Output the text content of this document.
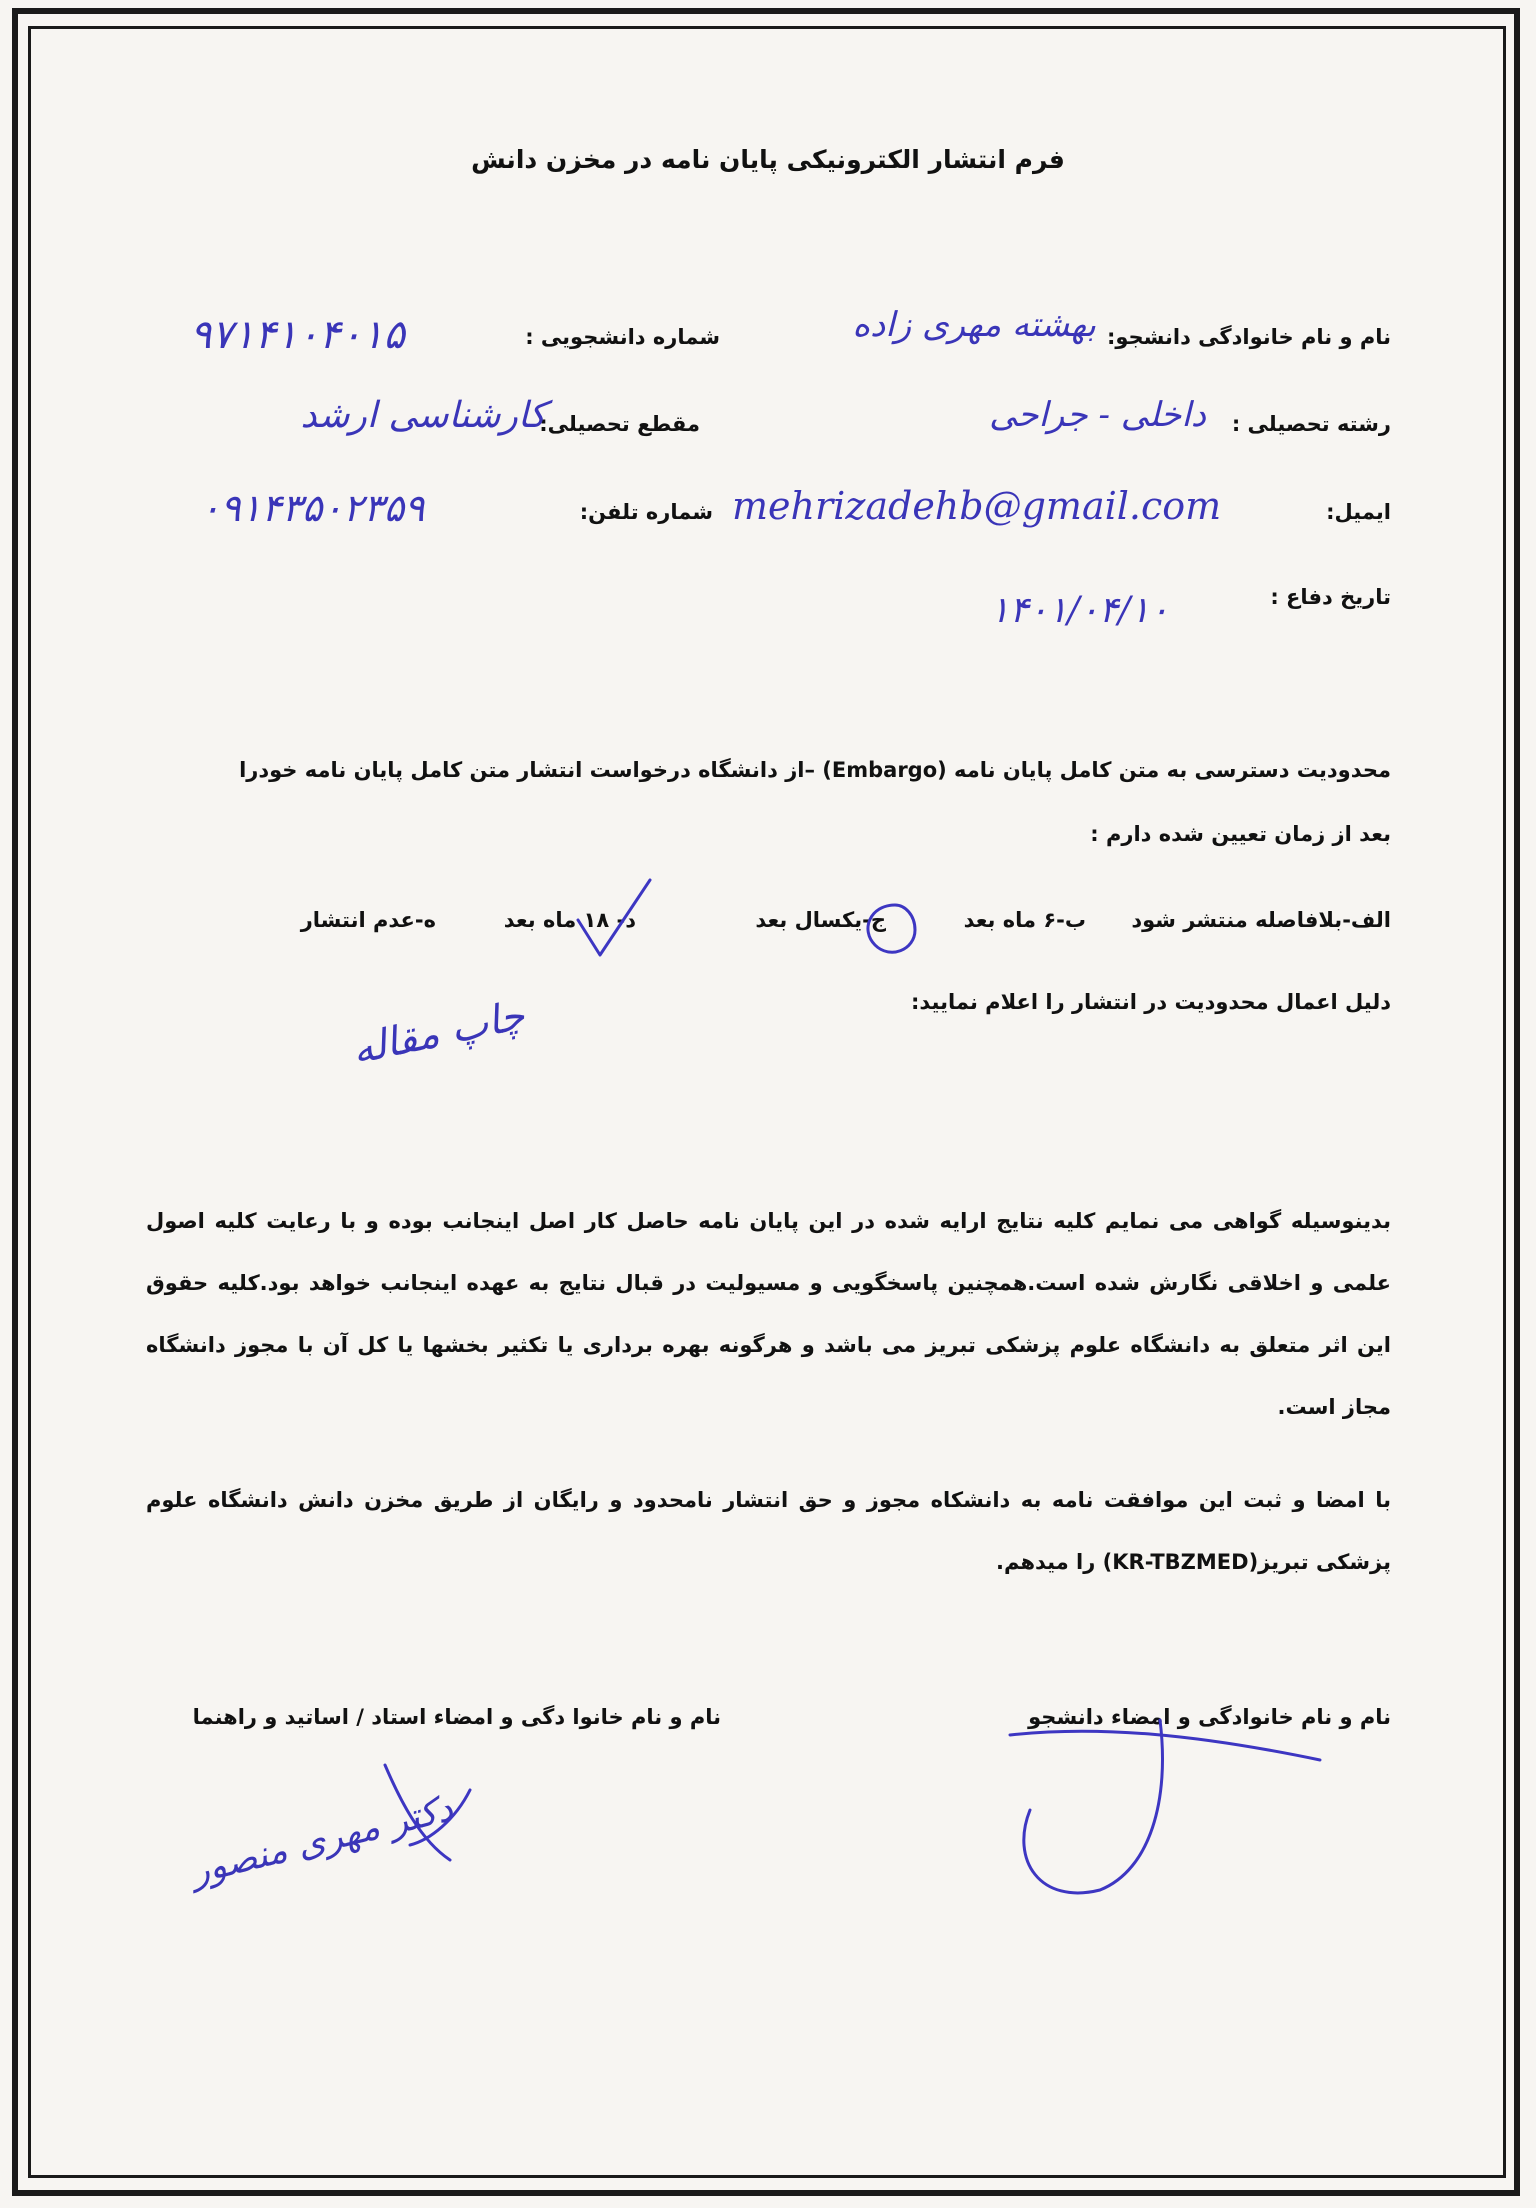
فرم انتشار الکترونیکی پایان نامه در مخزن دانش
نام و نام خانوادگی دانشجو:
بهشته مهری زاده
شماره دانشجویی :
۹۷۱۴۱۰۴۰۱۵
رشته تحصیلی :
داخلی - جراحی
مقطع تحصیلی:
کارشناسی ارشد
ایمیل:
mehrizadehb@gmail.com
شماره تلفن:
۰۹۱۴۳۵۰۲۳۵۹
تاریخ دفاع :
۱۴۰۱/۰۴/۱۰
محدودیت دسترسی به متن کامل پایان نامه (Embargo) –از دانشگاه درخواست انتشار متن کامل پایان نامه خودرا
بعد از زمان تعیین شده دارم :
الف-بلافاصله منتشر شود
ب-۶ ماه بعد
ج-یکسال بعد
د- ۱۸ ماه بعد
ه-عدم انتشار
دلیل اعمال محدودیت در انتشار را اعلام نمایید:
چاپ مقاله
بدینوسیله گواهی می نمایم کلیه نتایج ارایه شده در این پایان نامه حاصل کار اصل اینجانب بوده و با رعایت کلیه اصول علمی و اخلاقی نگارش شده است.همچنین پاسخگویی و مسیولیت در قبال نتایج به عهده اینجانب خواهد بود.کلیه حقوق این اثر متعلق به دانشگاه علوم پزشکی تبریز می باشد و هرگونه بهره برداری یا تکثیر بخشها یا کل آن با مجوز دانشگاه مجاز است.
با امضا و ثبت این موافقت نامه به دانشکاه مجوز و حق انتشار نامحدود و رایگان از طریق مخزن دانش دانشگاه علوم پزشکی تبریز(KR-TBZMED) را میدهم.
نام و نام خانوادگی و امضاء دانشجو
نام و نام خانوا دگی و امضاء استاد / اساتید و راهنما
دکتر مهری منصور
